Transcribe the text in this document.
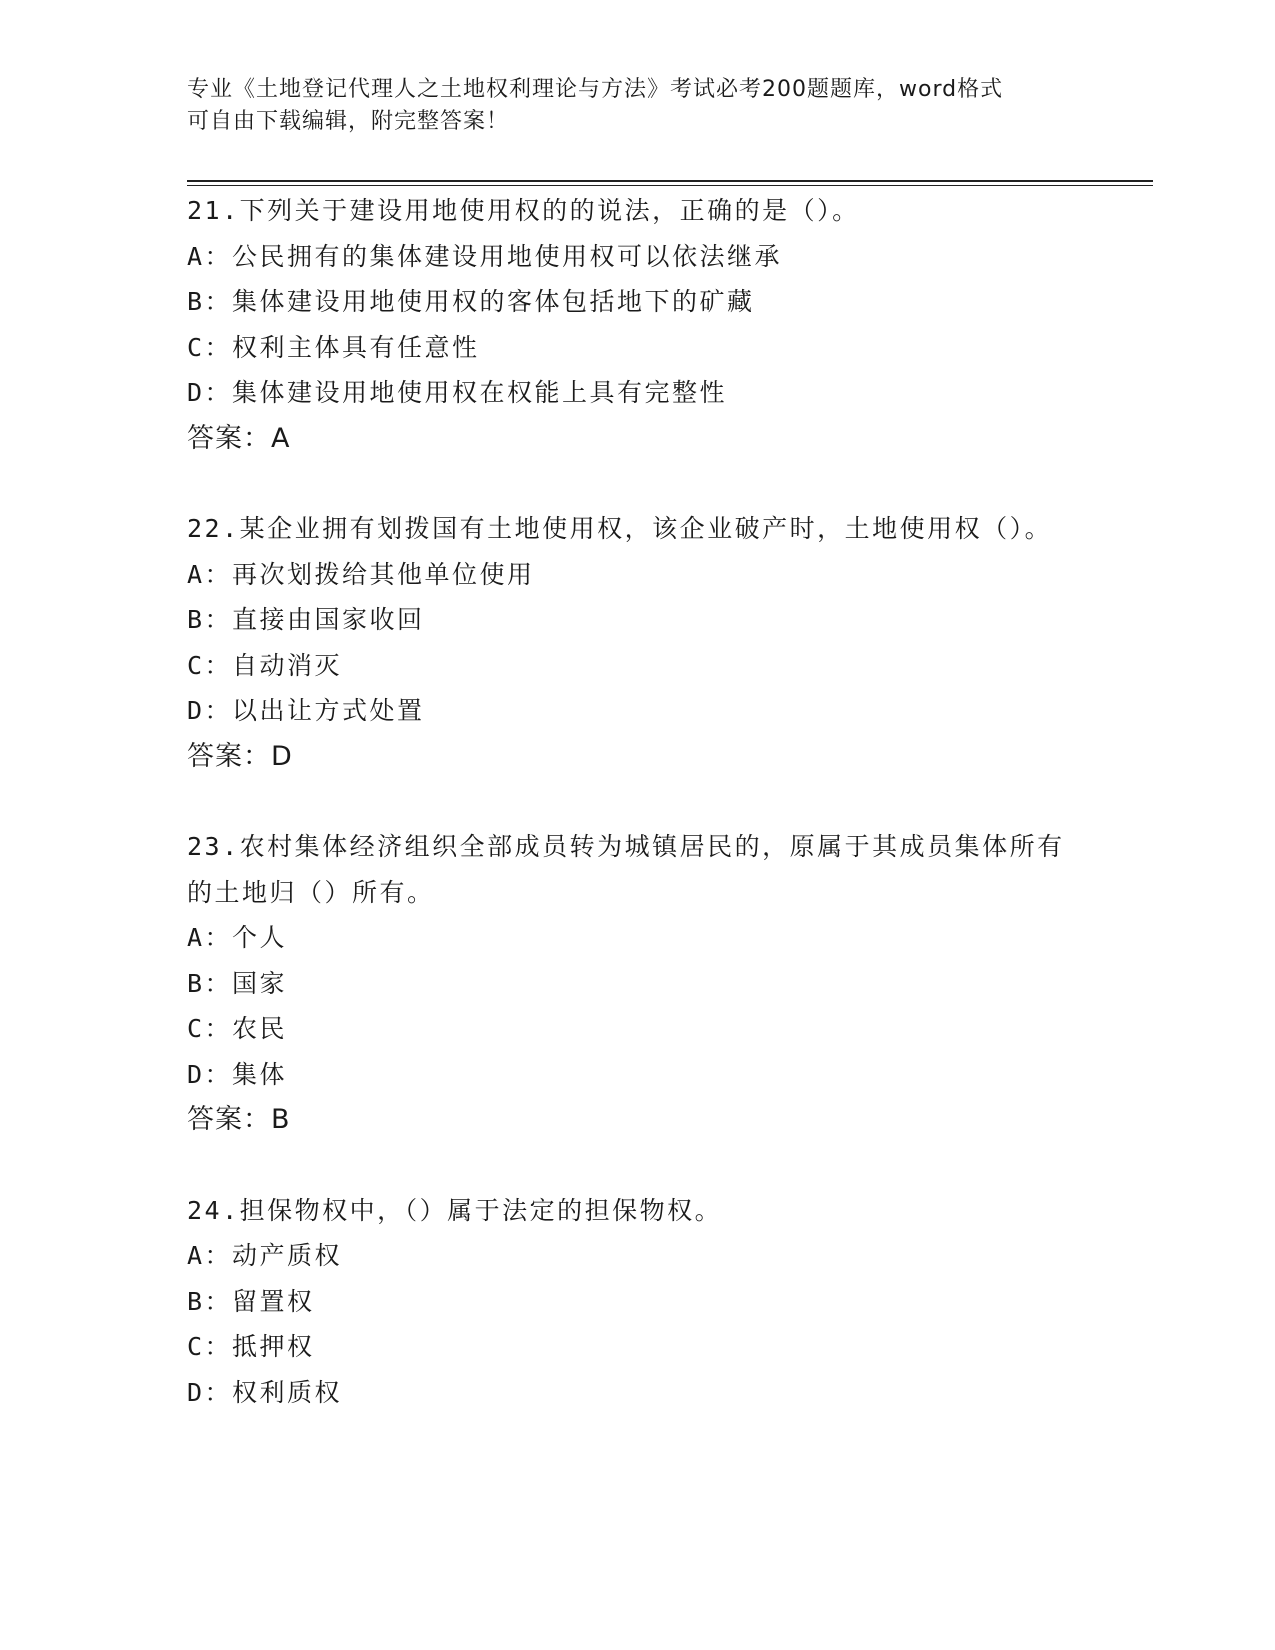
专业《土地登记代理人之土地权利理论与方法》考试必考200题题库，word格式
可自由下载编辑，附完整答案！
21.下列关于建设用地使用权的的说法，正确的是（）。
A：公民拥有的集体建设用地使用权可以依法继承
B：集体建设用地使用权的客体包括地下的矿藏
C：权利主体具有任意性
D：集体建设用地使用权在权能上具有完整性
答案：A
22.某企业拥有划拨国有土地使用权，该企业破产时，土地使用权（）。
A：再次划拨给其他单位使用
B：直接由国家收回
C：自动消灭
D：以出让方式处置
答案：D
23.农村集体经济组织全部成员转为城镇居民的，原属于其成员集体所有的土地归（）所有。
A：个人
B：国家
C：农民
D：集体
答案：B
24.担保物权中，（）属于法定的担保物权。
A：动产质权
B：留置权
C：抵押权
D：权利质权
